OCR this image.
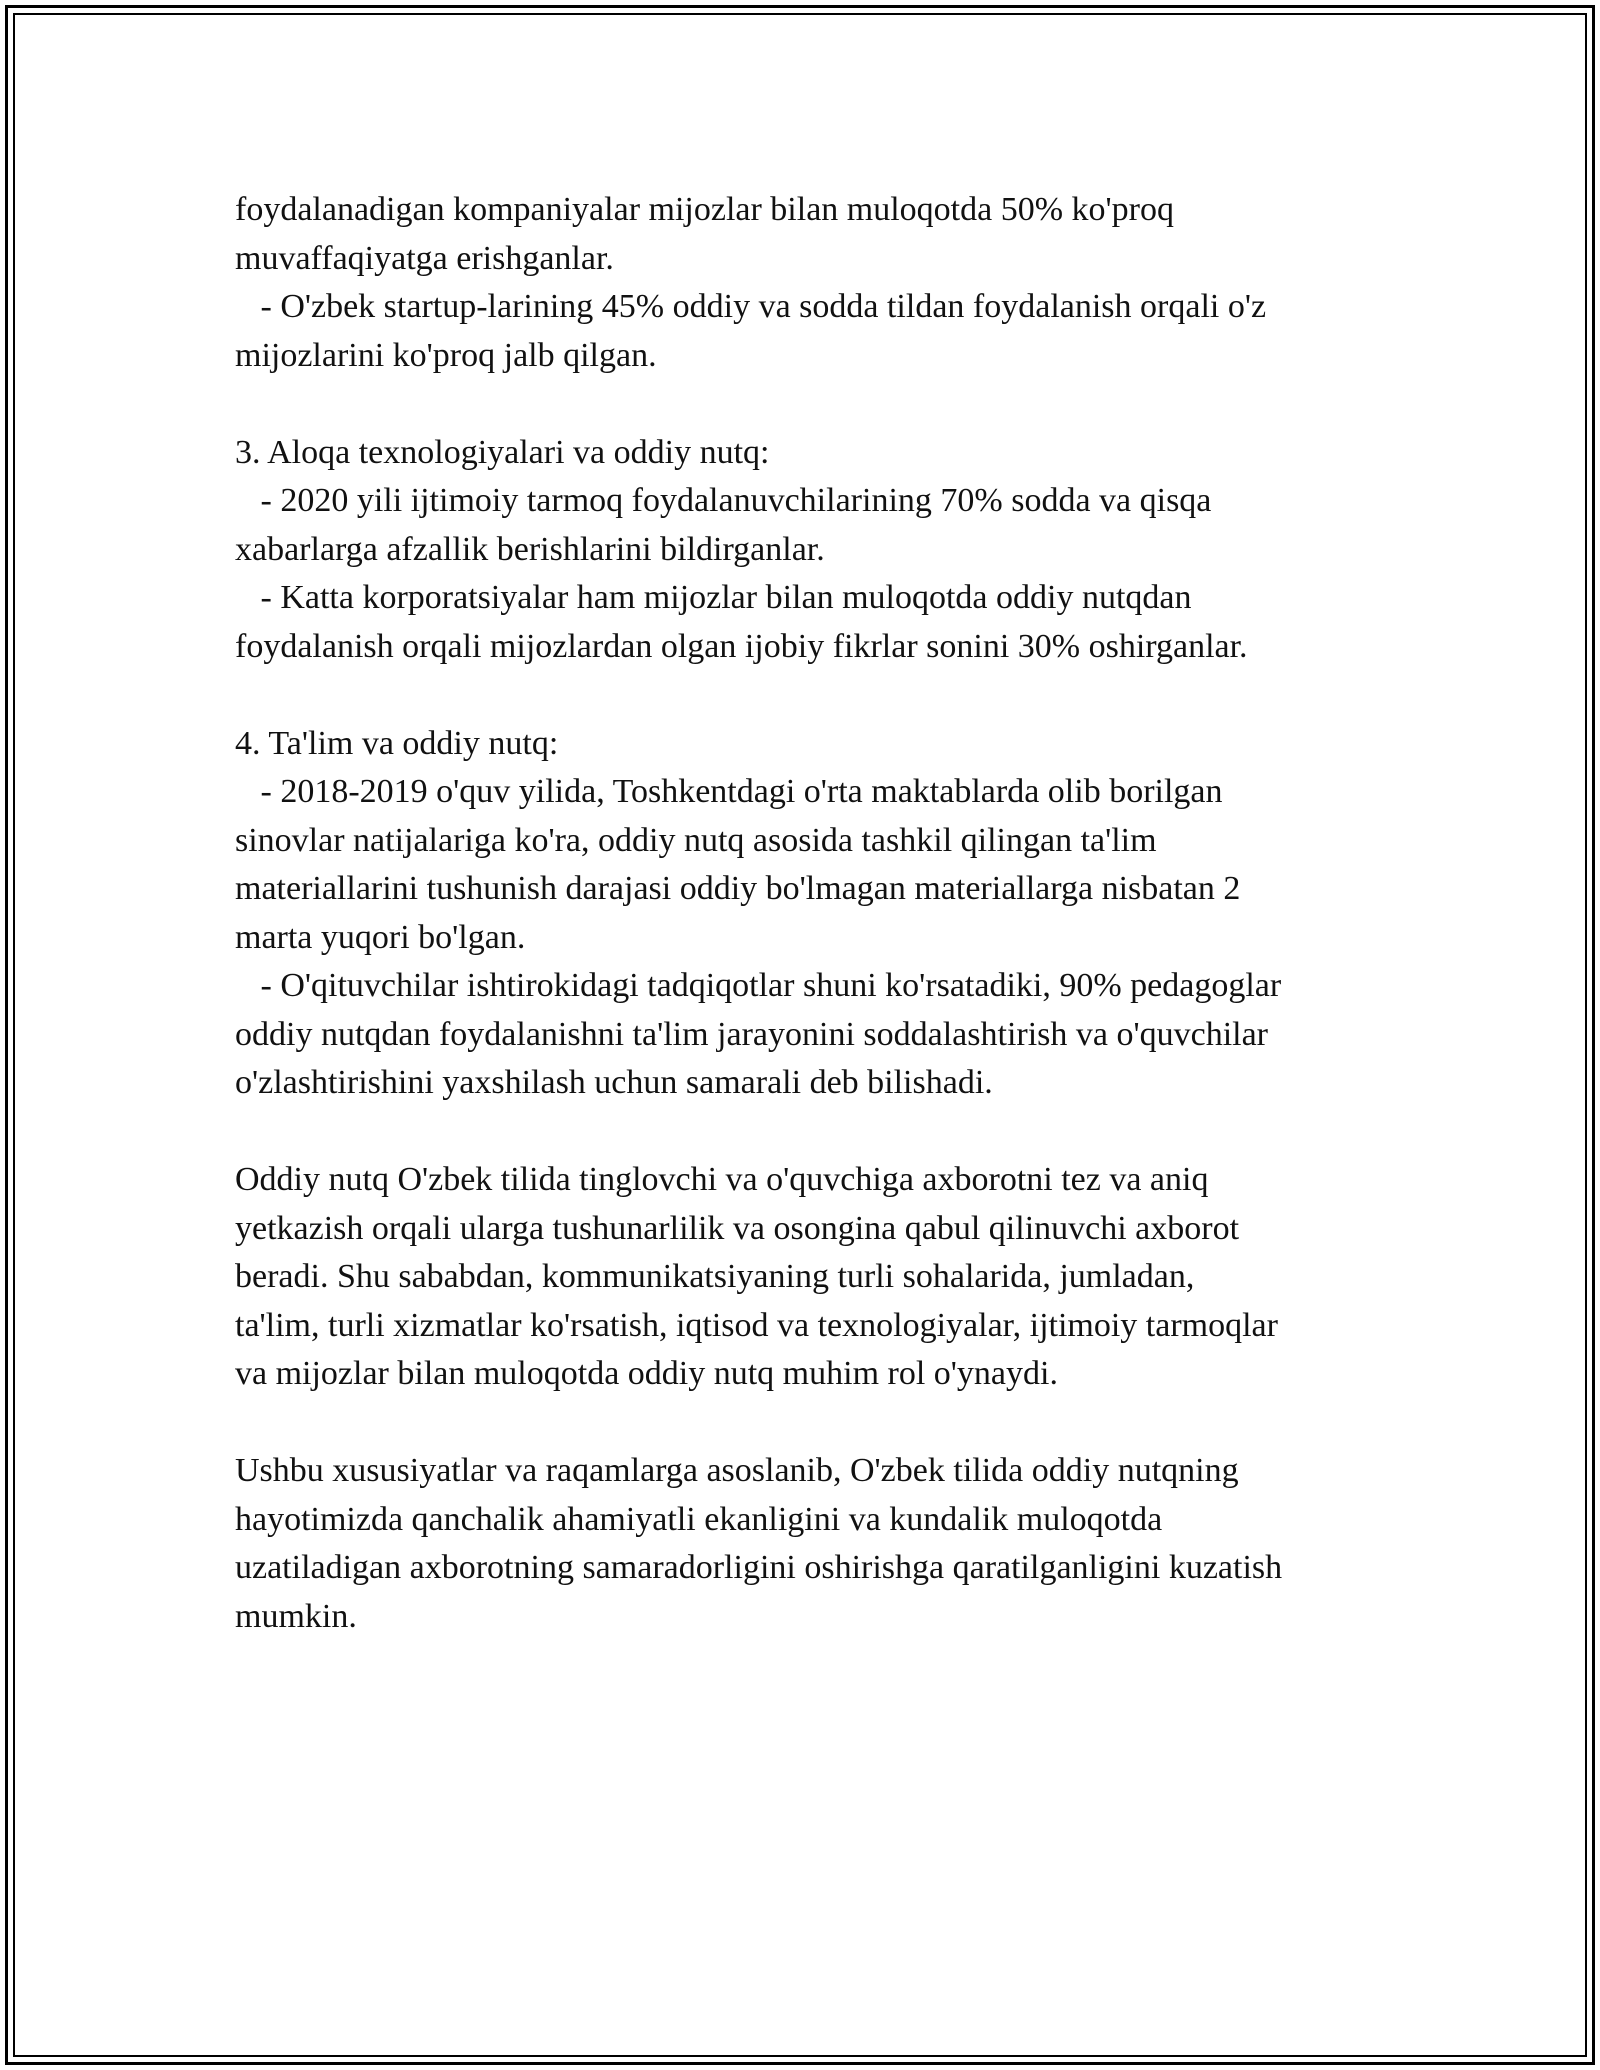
foydalanadigan kompaniyalar mijozlar bilan muloqotda 50% ko'proq
muvaffaqiyatga erishganlar.
- O'zbek startup-larining 45% oddiy va sodda tildan foydalanish orqali o'z
mijozlarini ko'proq jalb qilgan.
3. Aloqa texnologiyalari va oddiy nutq:
- 2020 yili ijtimoiy tarmoq foydalanuvchilarining 70% sodda va qisqa
xabarlarga afzallik berishlarini bildirganlar.
- Katta korporatsiyalar ham mijozlar bilan muloqotda oddiy nutqdan
foydalanish orqali mijozlardan olgan ijobiy fikrlar sonini 30% oshirganlar.
4. Ta'lim va oddiy nutq:
- 2018-2019 o'quv yilida, Toshkentdagi o'rta maktablarda olib borilgan
sinovlar natijalariga ko'ra, oddiy nutq asosida tashkil qilingan ta'lim
materiallarini tushunish darajasi oddiy bo'lmagan materiallarga nisbatan 2
marta yuqori bo'lgan.
- O'qituvchilar ishtirokidagi tadqiqotlar shuni ko'rsatadiki, 90% pedagoglar
oddiy nutqdan foydalanishni ta'lim jarayonini soddalashtirish va o'quvchilar
o'zlashtirishini yaxshilash uchun samarali deb bilishadi.
Oddiy nutq O'zbek tilida tinglovchi va o'quvchiga axborotni tez va aniq
yetkazish orqali ularga tushunarlilik va osongina qabul qilinuvchi axborot
beradi. Shu sababdan, kommunikatsiyaning turli sohalarida, jumladan,
ta'lim, turli xizmatlar ko'rsatish, iqtisod va texnologiyalar, ijtimoiy tarmoqlar
va mijozlar bilan muloqotda oddiy nutq muhim rol o'ynaydi.
Ushbu xususiyatlar va raqamlarga asoslanib, O'zbek tilida oddiy nutqning
hayotimizda qanchalik ahamiyatli ekanligini va kundalik muloqotda
uzatiladigan axborotning samaradorligini oshirishga qaratilganligini kuzatish
mumkin.
